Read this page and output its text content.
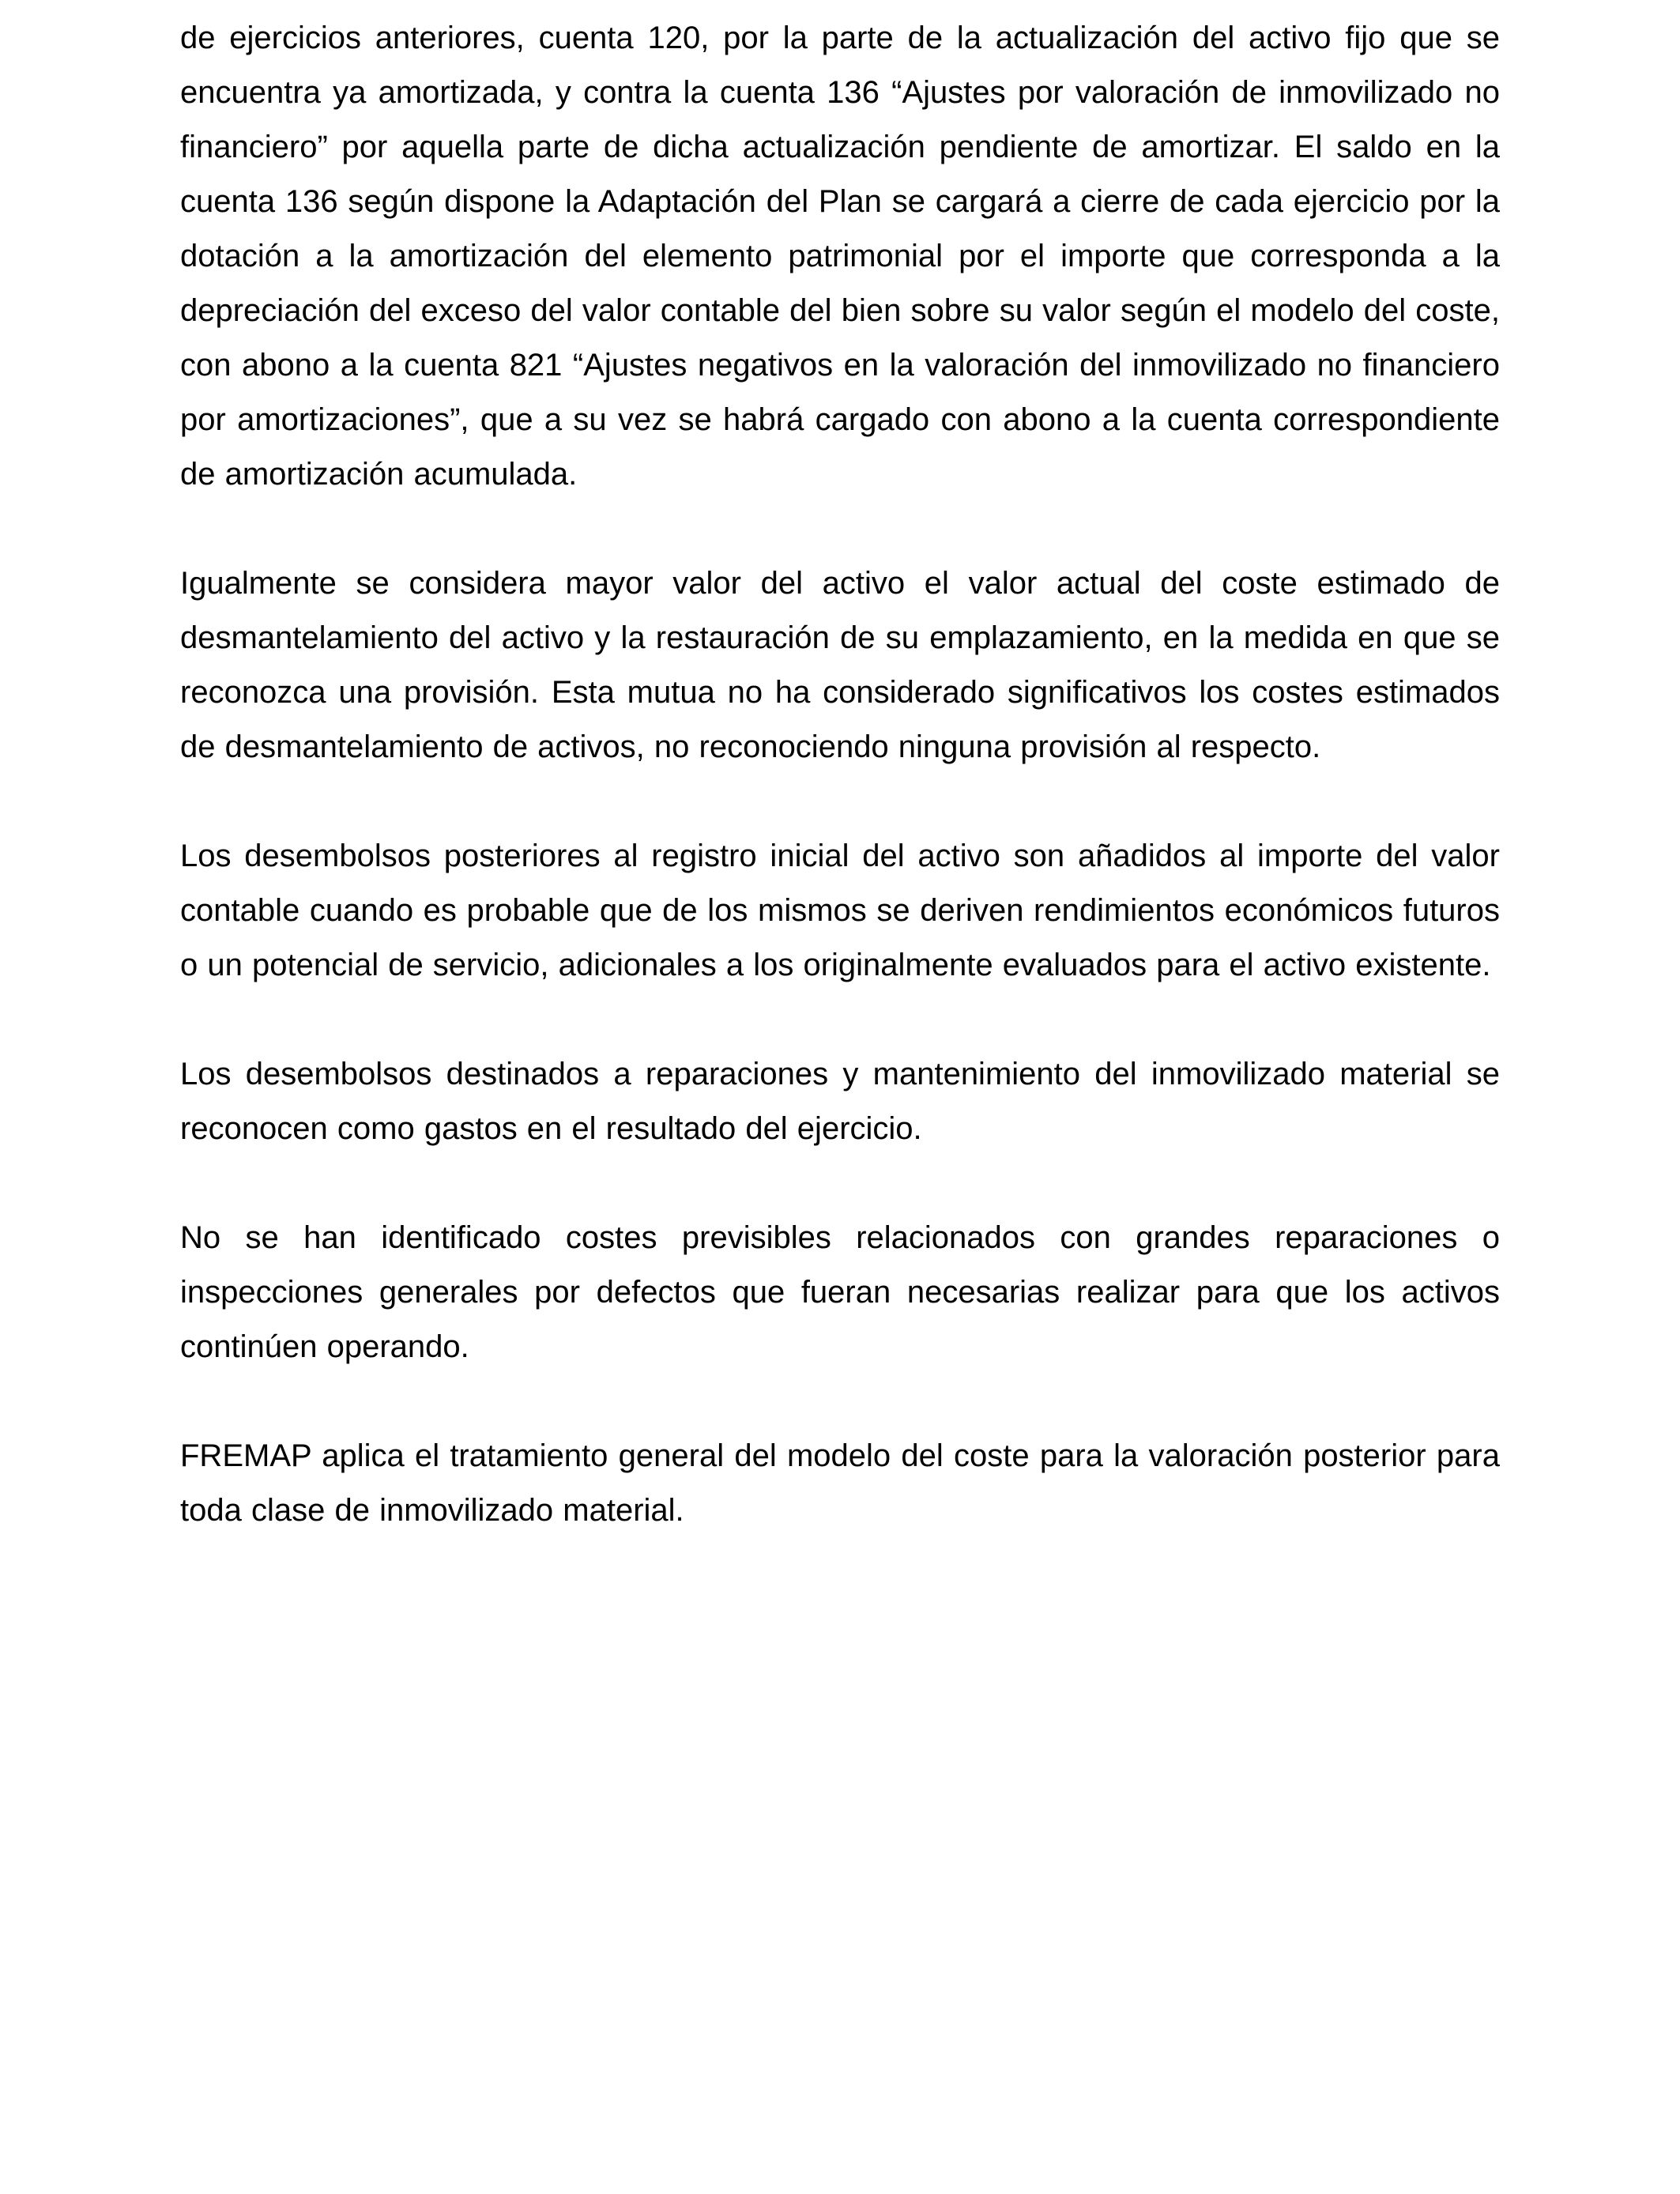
de ejercicios anteriores, cuenta 120, por la parte de la actualización del activo fijo que se encuentra ya amortizada, y contra la cuenta 136 “Ajustes por valoración de inmovilizado no financiero” por aquella parte de dicha actualización pendiente de amortizar. El saldo en la cuenta 136 según dispone la Adaptación del Plan se cargará a cierre de cada ejercicio por la dotación a la amortización del elemento patrimonial por el importe que corresponda a la depreciación del exceso del valor contable del bien sobre su valor según el modelo del coste, con abono a la cuenta 821 “Ajustes negativos en la valoración del inmovilizado no financiero por amortizaciones”, que a su vez se habrá cargado con abono a la cuenta correspondiente de amortización acumulada.

Igualmente se considera mayor valor del activo el valor actual del coste estimado de desmantelamiento del activo y la restauración de su emplazamiento, en la medida en que se reconozca una provisión. Esta mutua no ha considerado significativos los costes estimados de desmantelamiento de activos, no reconociendo ninguna provisión al respecto.

Los desembolsos posteriores al registro inicial del activo son añadidos al importe del valor contable cuando es probable que de los mismos se deriven rendimientos económicos futuros o un potencial de servicio, adicionales a los originalmente evaluados para el activo existente.

Los desembolsos destinados a reparaciones y mantenimiento del inmovilizado material se reconocen como gastos en el resultado del ejercicio.

No se han identificado costes previsibles relacionados con grandes reparaciones o inspecciones generales por defectos que fueran necesarias realizar para que los activos continúen operando.

FREMAP aplica el tratamiento general del modelo del coste para la valoración posterior para toda clase de inmovilizado material.
